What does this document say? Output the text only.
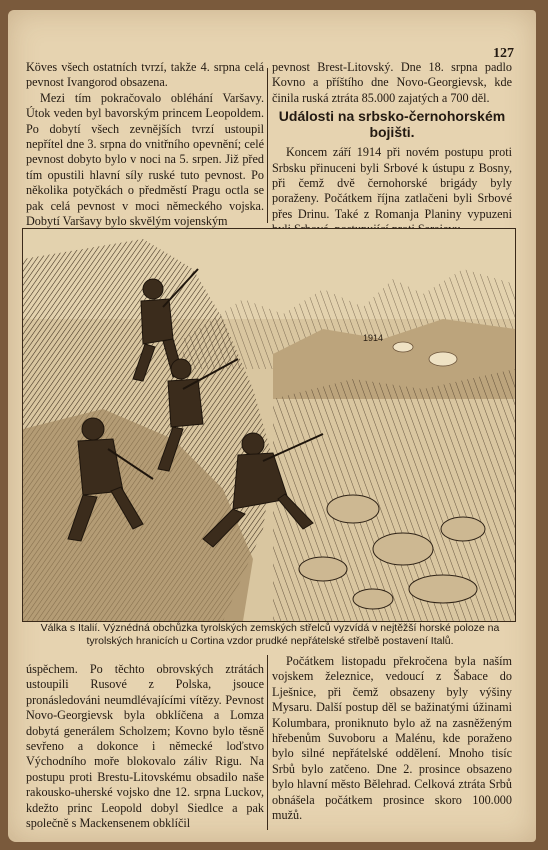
127

Köves všech ostatních tvrzí, takže 4. srpna celá pevnost Ivangorod obsazena.

Mezi tím pokračovalo obléhání Varšavy. Útok veden byl bavorským princem Leopoldem. Po dobytí všech zevnějších tvrzí ustoupil nepřítel dne 3. srpna do vnitřního opevnění; celé pevnost dobyto bylo v noci na 5. srpen. Již před tím opustili hlavní síly ruské tuto pevnost. Po několika potyčkách o předměstí Pragu octla se pak celá pevnost v moci německého vojska. Dobytí Varšavy bylo skvělým vojenským

pevnost Brest-Litovský. Dne 18. srpna padlo Kovno a příštího dne Novo-Georgievsk, kde činila ruská ztráta 85.000 zajatých a 700 děl.

Události na srbsko-černohorském bojišti.

Koncem září 1914 při novém postupu proti Srbsku přinuceni byli Srbové k ústupu z Bosny, při čemž dvě černohorské brigády byly poraženy. Počátkem října zatlačeni byli Srbové přes Drinu. Také z Romanja Planiny vypuzeni

1914
Válka s Italií. Význédná obchůzka tyrolských zemských střelců vyzvídá v nejtěžší horské poloze na tyrolských hranicích u Cortina vzdor prudké nepřátelské střelbě postavení Italů.

úspěchem. Po těchto obrovských ztrátách ustoupili Rusové z Polska, jsouce pronásledováni neumdlévajícími vítězy. Pevnost Novo-Georgievsk byla obklíčena a Lomza dobytá generálem Scholzem; Kovno bylo těsně sevřeno a dokonce i německé loďstvo Východního moře blokovalo záliv Rigu. Na postupu proti Brestu-Litovskému obsadilo naše rakousko-uherské vojsko dne 12. srpna Luckov, kdežto princ Leopold dobyl Siedlce a pak společně s Mackensenem obklíčil

Počátkem listopadu překročena byla naším vojskem železnice, vedoucí z Šabace do Lješnice, při čemž obsazeny byly výšiny Mysaru. Další postup děl se bažinatými úžinami Kolumbara, proniknuto bylo až na zasněženým hřebenům Suvoboru a Malénu, kde poraženo bylo silné nepřátelské oddělení. Mnoho tisíc Srbů bylo zatčeno. Dne 2. prosince obsazeno bylo hlavní město Bělehrad. Celková ztráta Srbů obnášela počátkem prosince skoro 100.000 mužů.
